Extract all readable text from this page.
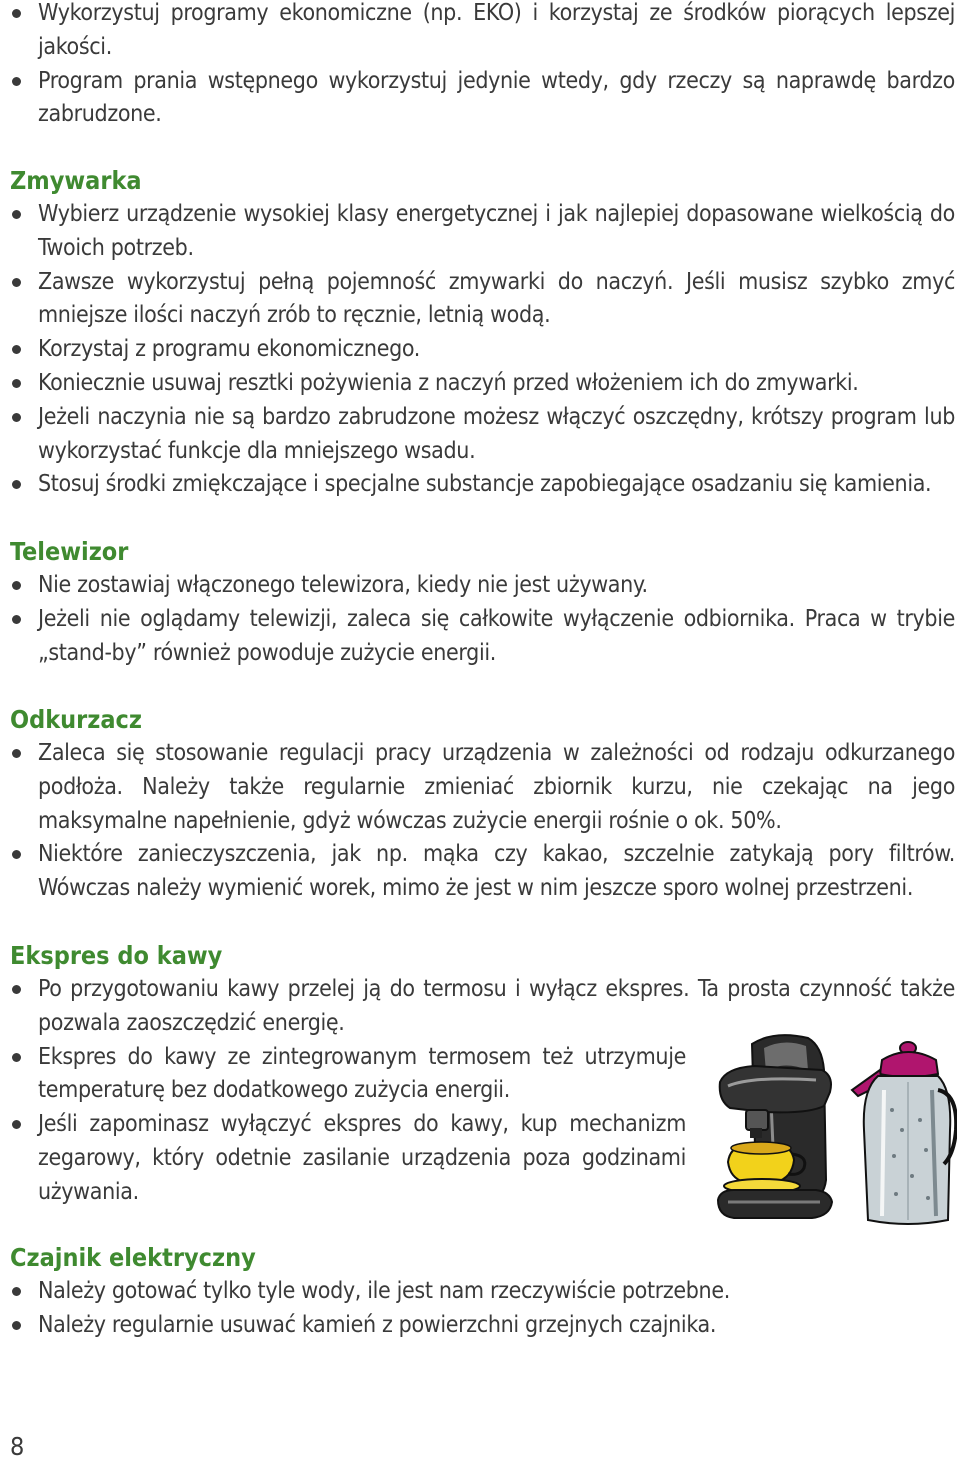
Wykorzystuj programy ekonomiczne (np. EKO) i korzystaj ze środków piorących lepszej jakości.
Program prania wstępnego wykorzystuj jedynie wtedy, gdy rzeczy są naprawdę bardzo zabrudzone.
Zmywarka
Wybierz urządzenie wysokiej klasy energetycznej i jak najlepiej dopasowane wielkością do Twoich potrzeb.
Zawsze wykorzystuj pełną pojemność zmywarki do naczyń. Jeśli musisz szybko zmyć mniejsze ilości naczyń zrób to ręcznie, letnią wodą.
Korzystaj z programu ekonomicznego.
Koniecznie usuwaj resztki pożywienia z naczyń przed włożeniem ich do zmywarki.
Jeżeli naczynia nie są bardzo zabrudzone możesz włączyć oszczędny, krótszy program lub wykorzystać funkcje dla mniejszego wsadu.
Stosuj środki zmiękczające i specjalne substancje zapobiegające osadzaniu się kamienia.
Telewizor
Nie zostawiaj włączonego telewizora, kiedy nie jest używany.
Jeżeli nie oglądamy telewizji, zaleca się całkowite wyłączenie odbiornika. Praca w trybie „stand-by” również powoduje zużycie energii.
Odkurzacz
Zaleca się stosowanie regulacji pracy urządzenia w zależności od rodzaju odkurzanego podłoża. Należy także regularnie zmieniać zbiornik kurzu, nie czekając na jego maksymalne napełnienie, gdyż wówczas zużycie energii rośnie o ok. 50%.
Niektóre zanieczyszczenia, jak np. mąka czy kakao, szczelnie zatykają pory filtrów. Wówczas należy wymienić worek, mimo że jest w nim jeszcze sporo wolnej przestrzeni.
Ekspres do kawy
Po przygotowaniu kawy przelej ją do termosu i wyłącz ekspres. Ta prosta czynność także pozwala zaoszczędzić energię.
Ekspres do kawy ze zintegrowanym termosem też utrzymuje temperaturę bez dodatkowego zużycia energii.
Jeśli zapominasz wyłączyć ekspres do kawy, kup mechanizm zegarowy, który odetnie zasilanie urządzenia poza godzinami używania.
Czajnik elektryczny
Należy gotować tylko tyle wody, ile jest nam rzeczywiście potrzebne.
Należy regularnie usuwać kamień z powierzchni grzejnych czajnika.
8
